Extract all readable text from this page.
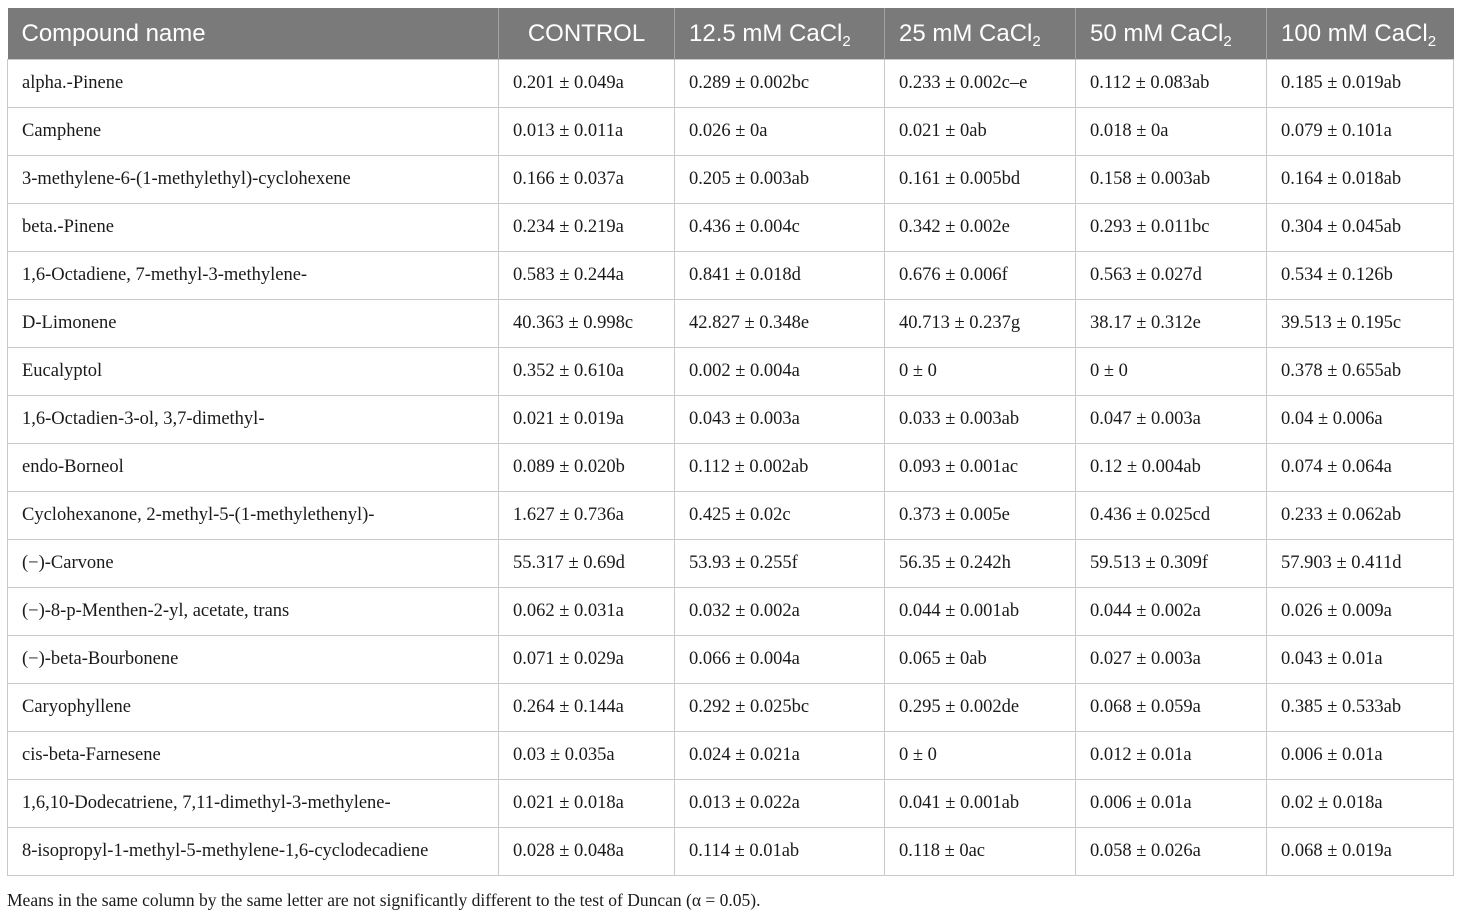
Compound name	CONTROL	12.5 mM CaCl$_2$	25 mM CaCl$_2$	50 mM CaCl$_2$	100 mM CaCl$_2$
alpha.-Pinene	0.201 ± 0.049a	0.289 ± 0.002bc	0.233 ± 0.002c–e	0.112 ± 0.083ab	0.185 ± 0.019ab
Camphene	0.013 ± 0.011a	0.026 ± 0a	0.021 ± 0ab	0.018 ± 0a	0.079 ± 0.101a
3-methylene-6-(1-methylethyl)-cyclohexene	0.166 ± 0.037a	0.205 ± 0.003ab	0.161 ± 0.005bd	0.158 ± 0.003ab	0.164 ± 0.018ab
beta.-Pinene	0.234 ± 0.219a	0.436 ± 0.004c	0.342 ± 0.002e	0.293 ± 0.011bc	0.304 ± 0.045ab
1,6-Octadiene, 7-methyl-3-methylene-	0.583 ± 0.244a	0.841 ± 0.018d	0.676 ± 0.006f	0.563 ± 0.027d	0.534 ± 0.126b
D-Limonene	40.363 ± 0.998c	42.827 ± 0.348e	40.713 ± 0.237g	38.17 ± 0.312e	39.513 ± 0.195c
Eucalyptol	0.352 ± 0.610a	0.002 ± 0.004a	0 ± 0	0 ± 0	0.378 ± 0.655ab
1,6-Octadien-3-ol, 3,7-dimethyl-	0.021 ± 0.019a	0.043 ± 0.003a	0.033 ± 0.003ab	0.047 ± 0.003a	0.04 ± 0.006a
endo-Borneol	0.089 ± 0.020b	0.112 ± 0.002ab	0.093 ± 0.001ac	0.12 ± 0.004ab	0.074 ± 0.064a
Cyclohexanone, 2-methyl-5-(1-methylethenyl)-	1.627 ± 0.736a	0.425 ± 0.02c	0.373 ± 0.005e	0.436 ± 0.025cd	0.233 ± 0.062ab
(−)-Carvone	55.317 ± 0.69d	53.93 ± 0.255f	56.35 ± 0.242h	59.513 ± 0.309f	57.903 ± 0.411d
(−)-8-p-Menthen-2-yl, acetate, trans	0.062 ± 0.031a	0.032 ± 0.002a	0.044 ± 0.001ab	0.044 ± 0.002a	0.026 ± 0.009a
(−)-beta-Bourbonene	0.071 ± 0.029a	0.066 ± 0.004a	0.065 ± 0ab	0.027 ± 0.003a	0.043 ± 0.01a
Caryophyllene	0.264 ± 0.144a	0.292 ± 0.025bc	0.295 ± 0.002de	0.068 ± 0.059a	0.385 ± 0.533ab
cis-beta-Farnesene	0.03 ± 0.035a	0.024 ± 0.021a	0 ± 0	0.012 ± 0.01a	0.006 ± 0.01a
1,6,10-Dodecatriene, 7,11-dimethyl-3-methylene-	0.021 ± 0.018a	0.013 ± 0.022a	0.041 ± 0.001ab	0.006 ± 0.01a	0.02 ± 0.018a
8-isopropyl-1-methyl-5-methylene-1,6-cyclodecadiene	0.028 ± 0.048a	0.114 ± 0.01ab	0.118 ± 0ac	0.058 ± 0.026a	0.068 ± 0.019a
Means in the same column by the same letter are not significantly different to the test of Duncan (α = 0.05).
